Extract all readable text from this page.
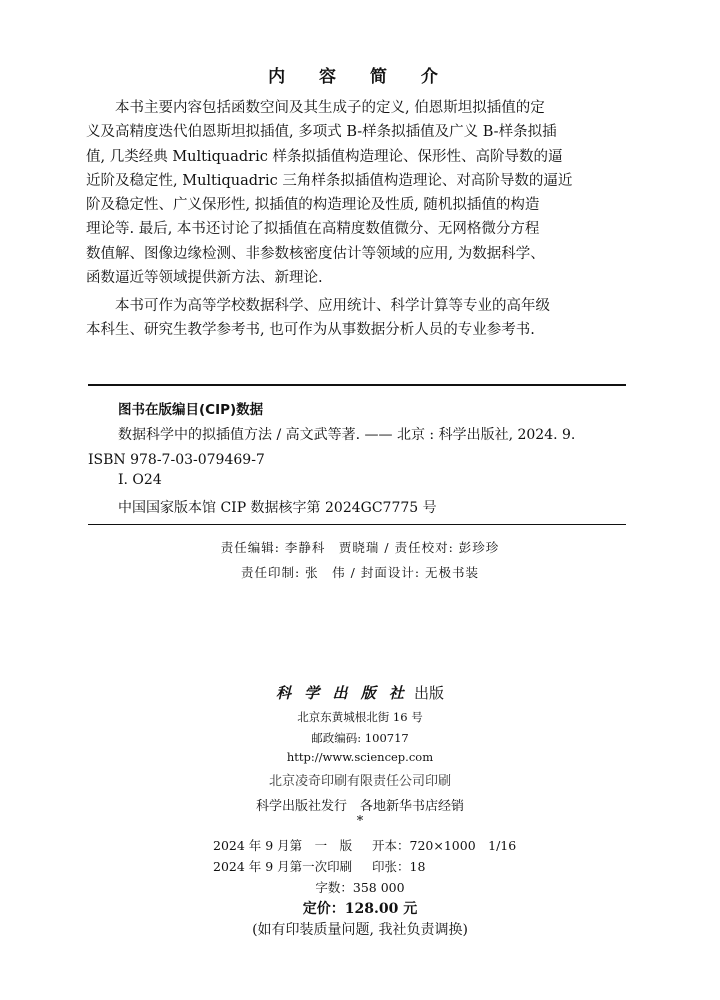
内 容 简 介
本书主要内容包括函数空间及其生成子的定义, 伯恩斯坦拟插值的定
义及高精度迭代伯恩斯坦拟插值, 多项式 B-样条拟插值及广义 B-样条拟插
值, 几类经典 Multiquadric 样条拟插值构造理论、保形性、高阶导数的逼
近阶及稳定性, Multiquadric 三角样条拟插值构造理论、对高阶导数的逼近
阶及稳定性、广义保形性, 拟插值的构造理论及性质, 随机拟插值的构造
理论等. 最后, 本书还讨论了拟插值在高精度数值微分、无网格微分方程
数值解、图像边缘检测、非参数核密度估计等领域的应用, 为数据科学、
函数逼近等领域提供新方法、新理论.
本书可作为高等学校数据科学、应用统计、科学计算等专业的高年级
本科生、研究生教学参考书, 也可作为从事数据分析人员的专业参考书.
图书在版编目(CIP)数据
数据科学中的拟插值方法 / 高文武等著. —— 北京 : 科学出版社, 2024. 9.
ISBN 978-7-03-079469-7
Ⅰ. O24
中国国家版本馆 CIP 数据核字第 2024GC7775 号
责任编辑: 李静科　贾晓瑞 / 责任校对: 彭珍珍
责任印制: 张　伟 / 封面设计: 无极书装
科 学 出 版 社 出版
北京东黄城根北街 16 号
邮政编码: 100717
http://www.sciencep.com
北京凌奇印刷有限责任公司印刷
科学出版社发行　各地新华书店经销
*
2024 年 9 月第　一　版 开本：720×1000　1/16
2024 年 9 月第一次印刷 印张：18
字数：358 000
定价：128.00 元
(如有印装质量问题, 我社负责调换)
